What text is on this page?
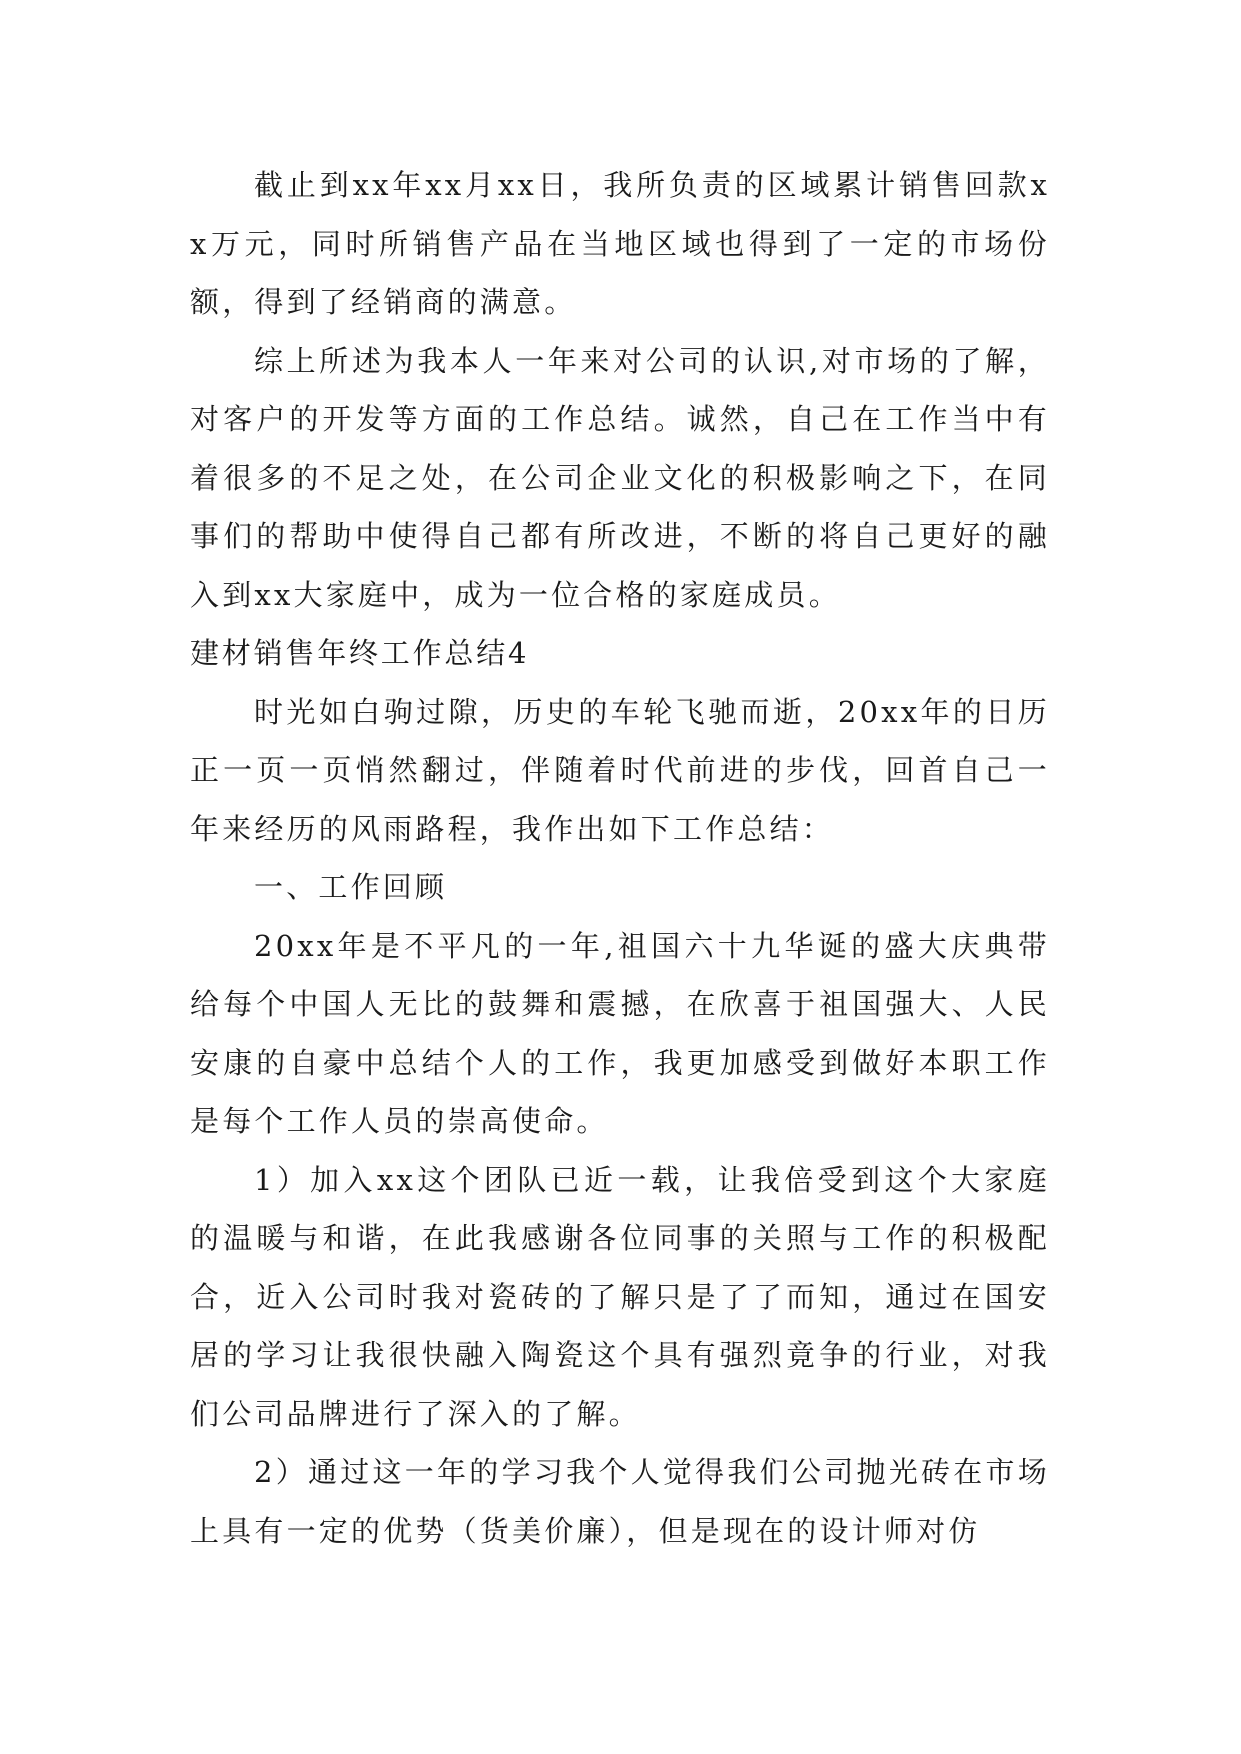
截止到xx年xx月xx日，我所负责的区域累计销售回款xx万元，同时所销售产品在当地区域也得到了一定的市场份额，得到了经销商的满意。

综上所述为我本人一年来对公司的认识,对市场的了解，对客户的开发等方面的工作总结。诚然，自己在工作当中有着很多的不足之处，在公司企业文化的积极影响之下，在同事们的帮助中使得自己都有所改进，不断的将自己更好的融入到xx大家庭中，成为一位合格的家庭成员。

建材销售年终工作总结4

时光如白驹过隙，历史的车轮飞驰而逝，20xx年的日历正一页一页悄然翻过，伴随着时代前进的步伐，回首自己一年来经历的风雨路程，我作出如下工作总结：

一、工作回顾

20xx年是不平凡的一年,祖国六十九华诞的盛大庆典带给每个中国人无比的鼓舞和震撼，在欣喜于祖国强大、人民安康的自豪中总结个人的工作，我更加感受到做好本职工作是每个工作人员的崇高使命。

1）加入xx这个团队已近一载，让我倍受到这个大家庭的温暖与和谐，在此我感谢各位同事的关照与工作的积极配合，近入公司时我对瓷砖的了解只是了了而知，通过在国安居的学习让我很快融入陶瓷这个具有强烈竟争的行业，对我们公司品牌进行了深入的了解。

2）通过这一年的学习我个人觉得我们公司抛光砖在市场上具有一定的优势（货美价廉），但是现在的设计师对仿
